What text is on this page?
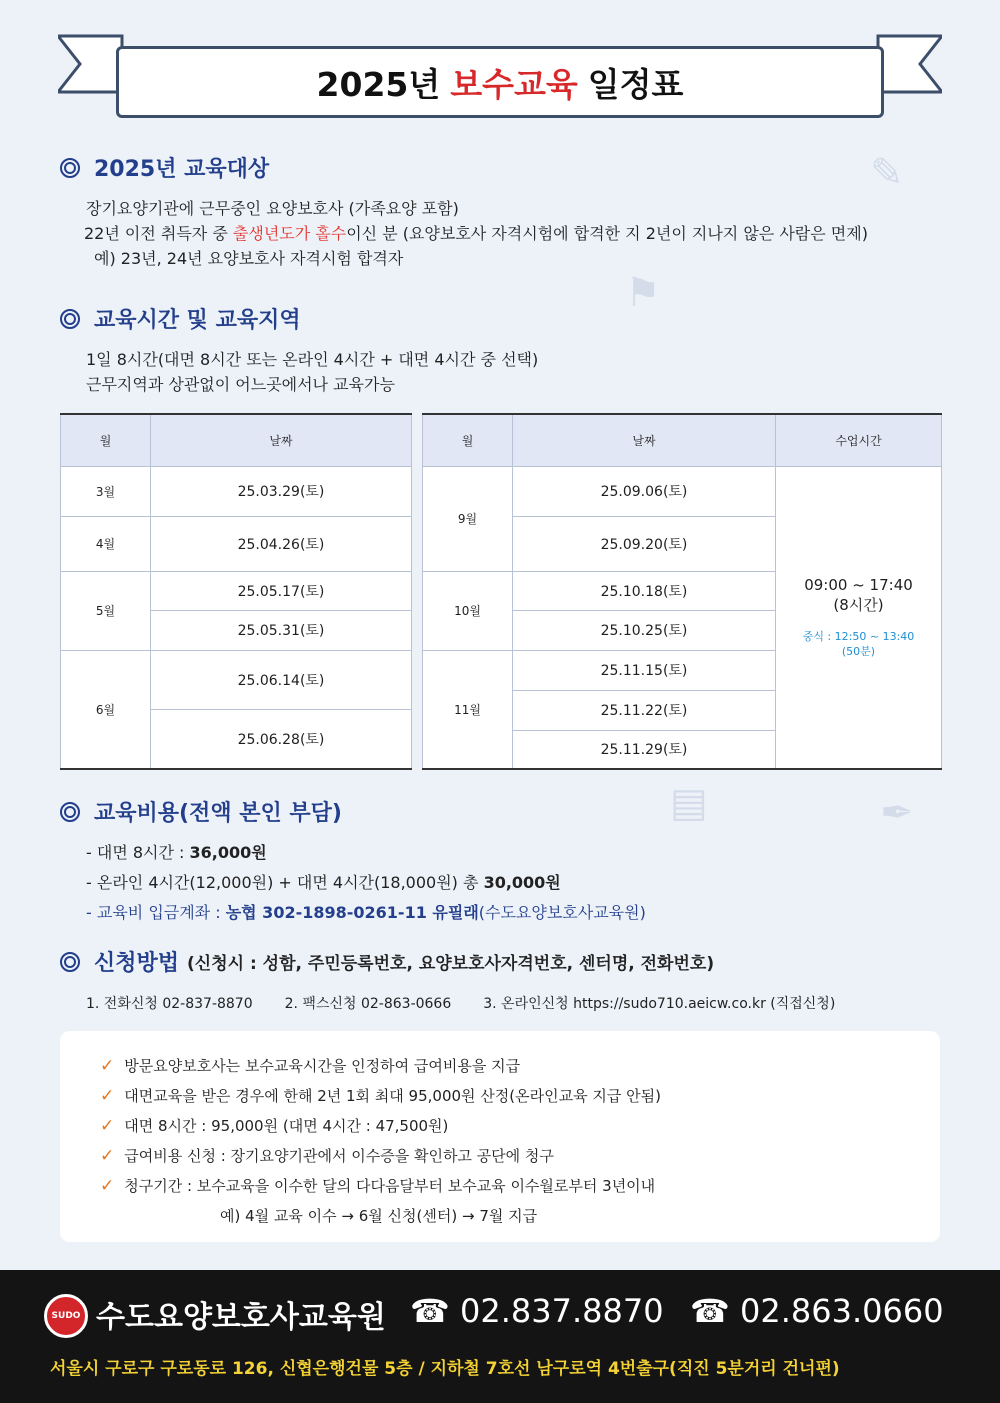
✎
⚑
▤	✒
2025년 보수교육 일정표
2025년 교육대상
장기요양기관에 근무중인 요양보호사 (가족요양 포함)
22년 이전 취득자 중 출생년도가 홀수이신 분 (요양보호사 자격시험에 합격한 지 2년이 지나지 않은 사람은 면제)
예) 23년, 24년 요양보호사 자격시험 합격자
교육시간 및 교육지역
1일 8시간(대면 8시간 또는 온라인 4시간 + 대면 4시간 중 선택)
근무지역과 상관없이 어느곳에서나 교육가능
월	날짜
3월	25.03.29(토)
4월	25.04.26(토)
5월	25.05.17(토)
	25.05.31(토)
6월	25.06.14(토)
	25.06.28(토)
월	날짜	수업시간
9월	25.09.06(토)	09:00 ~ 17:40
(8시간)
중식 : 12:50 ~ 13:40
(50분)

	25.09.20(토)	
10월	25.10.18(토)	
	25.10.25(토)	
11월	25.11.15(토)	
	25.11.22(토)	
	25.11.29(토)	
교육비용(전액 본인 부담)
- 대면 8시간 : 36,000원
- 온라인 4시간(12,000원) + 대면 4시간(18,000원) 총 30,000원
- 교육비 입금계좌 : 농협 302-1898-0261-11 유필래(수도요양보호사교육원)
신청방법 (신청시 : 성함, 주민등록번호, 요양보호사자격번호, 센터명, 전화번호)
1. 전화신청 02-837-8870 2. 팩스신청 02-863-0666 3. 온라인신청 https://sudo710.aeicw.co.kr (직접신청)
✓ 방문요양보호사는 보수교육시간을 인정하여 급여비용을 지급
✓ 대면교육을 받은 경우에 한해 2년 1회 최대 95,000원 산정(온라인교육 지급 안됨)
✓ 대면 8시간 : 95,000원 (대면 4시간 : 47,500원)
✓ 급여비용 신청 : 장기요양기관에서 이수증을 확인하고 공단에 청구
✓ 청구기간 : 보수교육을 이수한 달의 다다음달부터 보수교육 이수월로부터 3년이내
예) 4월 교육 이수 → 6월 신청(센터) → 7월 지급
SUDO 수도요양보호사교육원 ☎ 02.837.8870 ☎ 02.863.0660
서울시 구로구 구로동로 126, 신협은행건물 5층 / 지하철 7호선 남구로역 4번출구(직진 5분거리 건너편)
